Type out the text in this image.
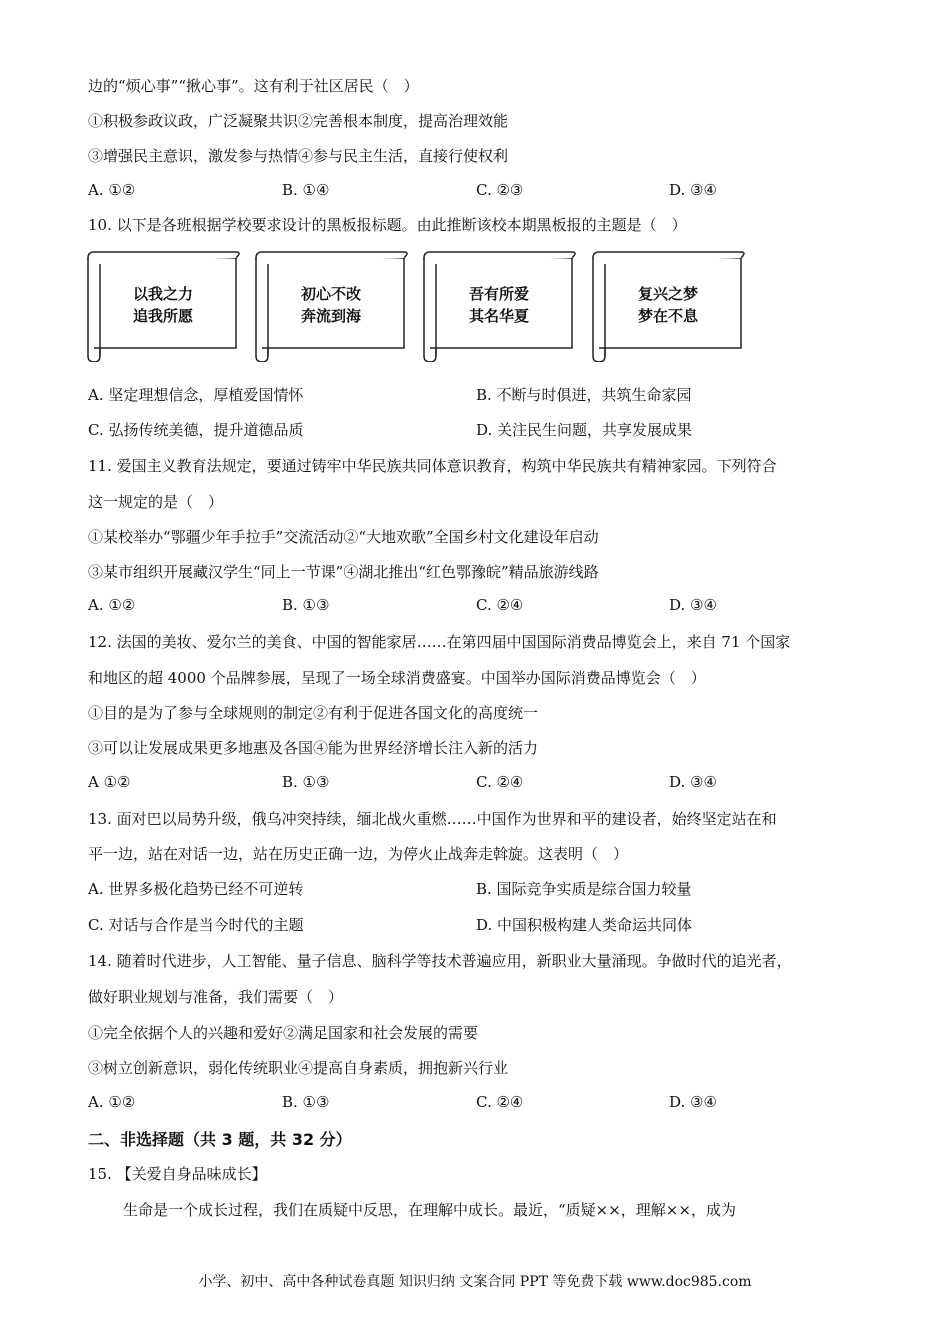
边的“烦心事”“揪心事”。这有利于社区居民（　）
①积极参政议政，广泛凝聚共识②完善根本制度，提高治理效能
③增强民主意识，激发参与热情④参与民主生活，直接行使权利
A. ①②	B. ①④	C. ②③	D. ③④
10. 以下是各班根据学校要求设计的黑板报标题。由此推断该校本期黑板报的主题是（　）
以我之力
追我所愿
初心不改
奔流到海
吾有所爱
其名华夏
复兴之梦
梦在不息
A. 坚定理想信念，厚植爱国情怀	B. 不断与时俱进，共筑生命家园
C. 弘扬传统美德，提升道德品质	D. 关注民生问题，共享发展成果
11. 爱国主义教育法规定，要通过铸牢中华民族共同体意识教育，构筑中华民族共有精神家园。下列符合
这一规定的是（　）
①某校举办“鄂疆少年手拉手”交流活动②“大地欢歌”全国乡村文化建设年启动
③某市组织开展藏汉学生“同上一节课”④湖北推出“红色鄂豫皖”精品旅游线路
A. ①②	B. ①③	C. ②④	D. ③④
12. 法国的美妆、爱尔兰的美食、中国的智能家居……在第四届中国国际消费品博览会上，来自 71 个国家
和地区的超 4000 个品牌参展，呈现了一场全球消费盛宴。中国举办国际消费品博览会（　）
①目的是为了参与全球规则的制定②有利于促进各国文化的高度统一
③可以让发展成果更多地惠及各国④能为世界经济增长注入新的活力
A ①②	B. ①③	C. ②④	D. ③④
13. 面对巴以局势升级，俄乌冲突持续，缅北战火重燃……中国作为世界和平的建设者，始终坚定站在和
平一边，站在对话一边，站在历史正确一边，为停火止战奔走斡旋。这表明（　）
A. 世界多极化趋势已经不可逆转	B. 国际竞争实质是综合国力较量
C. 对话与合作是当今时代的主题	D. 中国积极构建人类命运共同体
14. 随着时代进步，人工智能、量子信息、脑科学等技术普遍应用，新职业大量涌现。争做时代的追光者，
做好职业规划与准备，我们需要（　）
①完全依据个人的兴趣和爱好②满足国家和社会发展的需要
③树立创新意识，弱化传统职业④提高自身素质，拥抱新兴行业
A. ①②	B. ①③	C. ②④	D. ③④
二、非选择题（共 3 题，共 32 分）
15. 【关爱自身品味成长】
生命是一个成长过程，我们在质疑中反思，在理解中成长。最近，“质疑××，理解××，成为
小学、初中、高中各种试卷真题 知识归纳 文案合同 PPT 等免费下载 www.doc985.com
